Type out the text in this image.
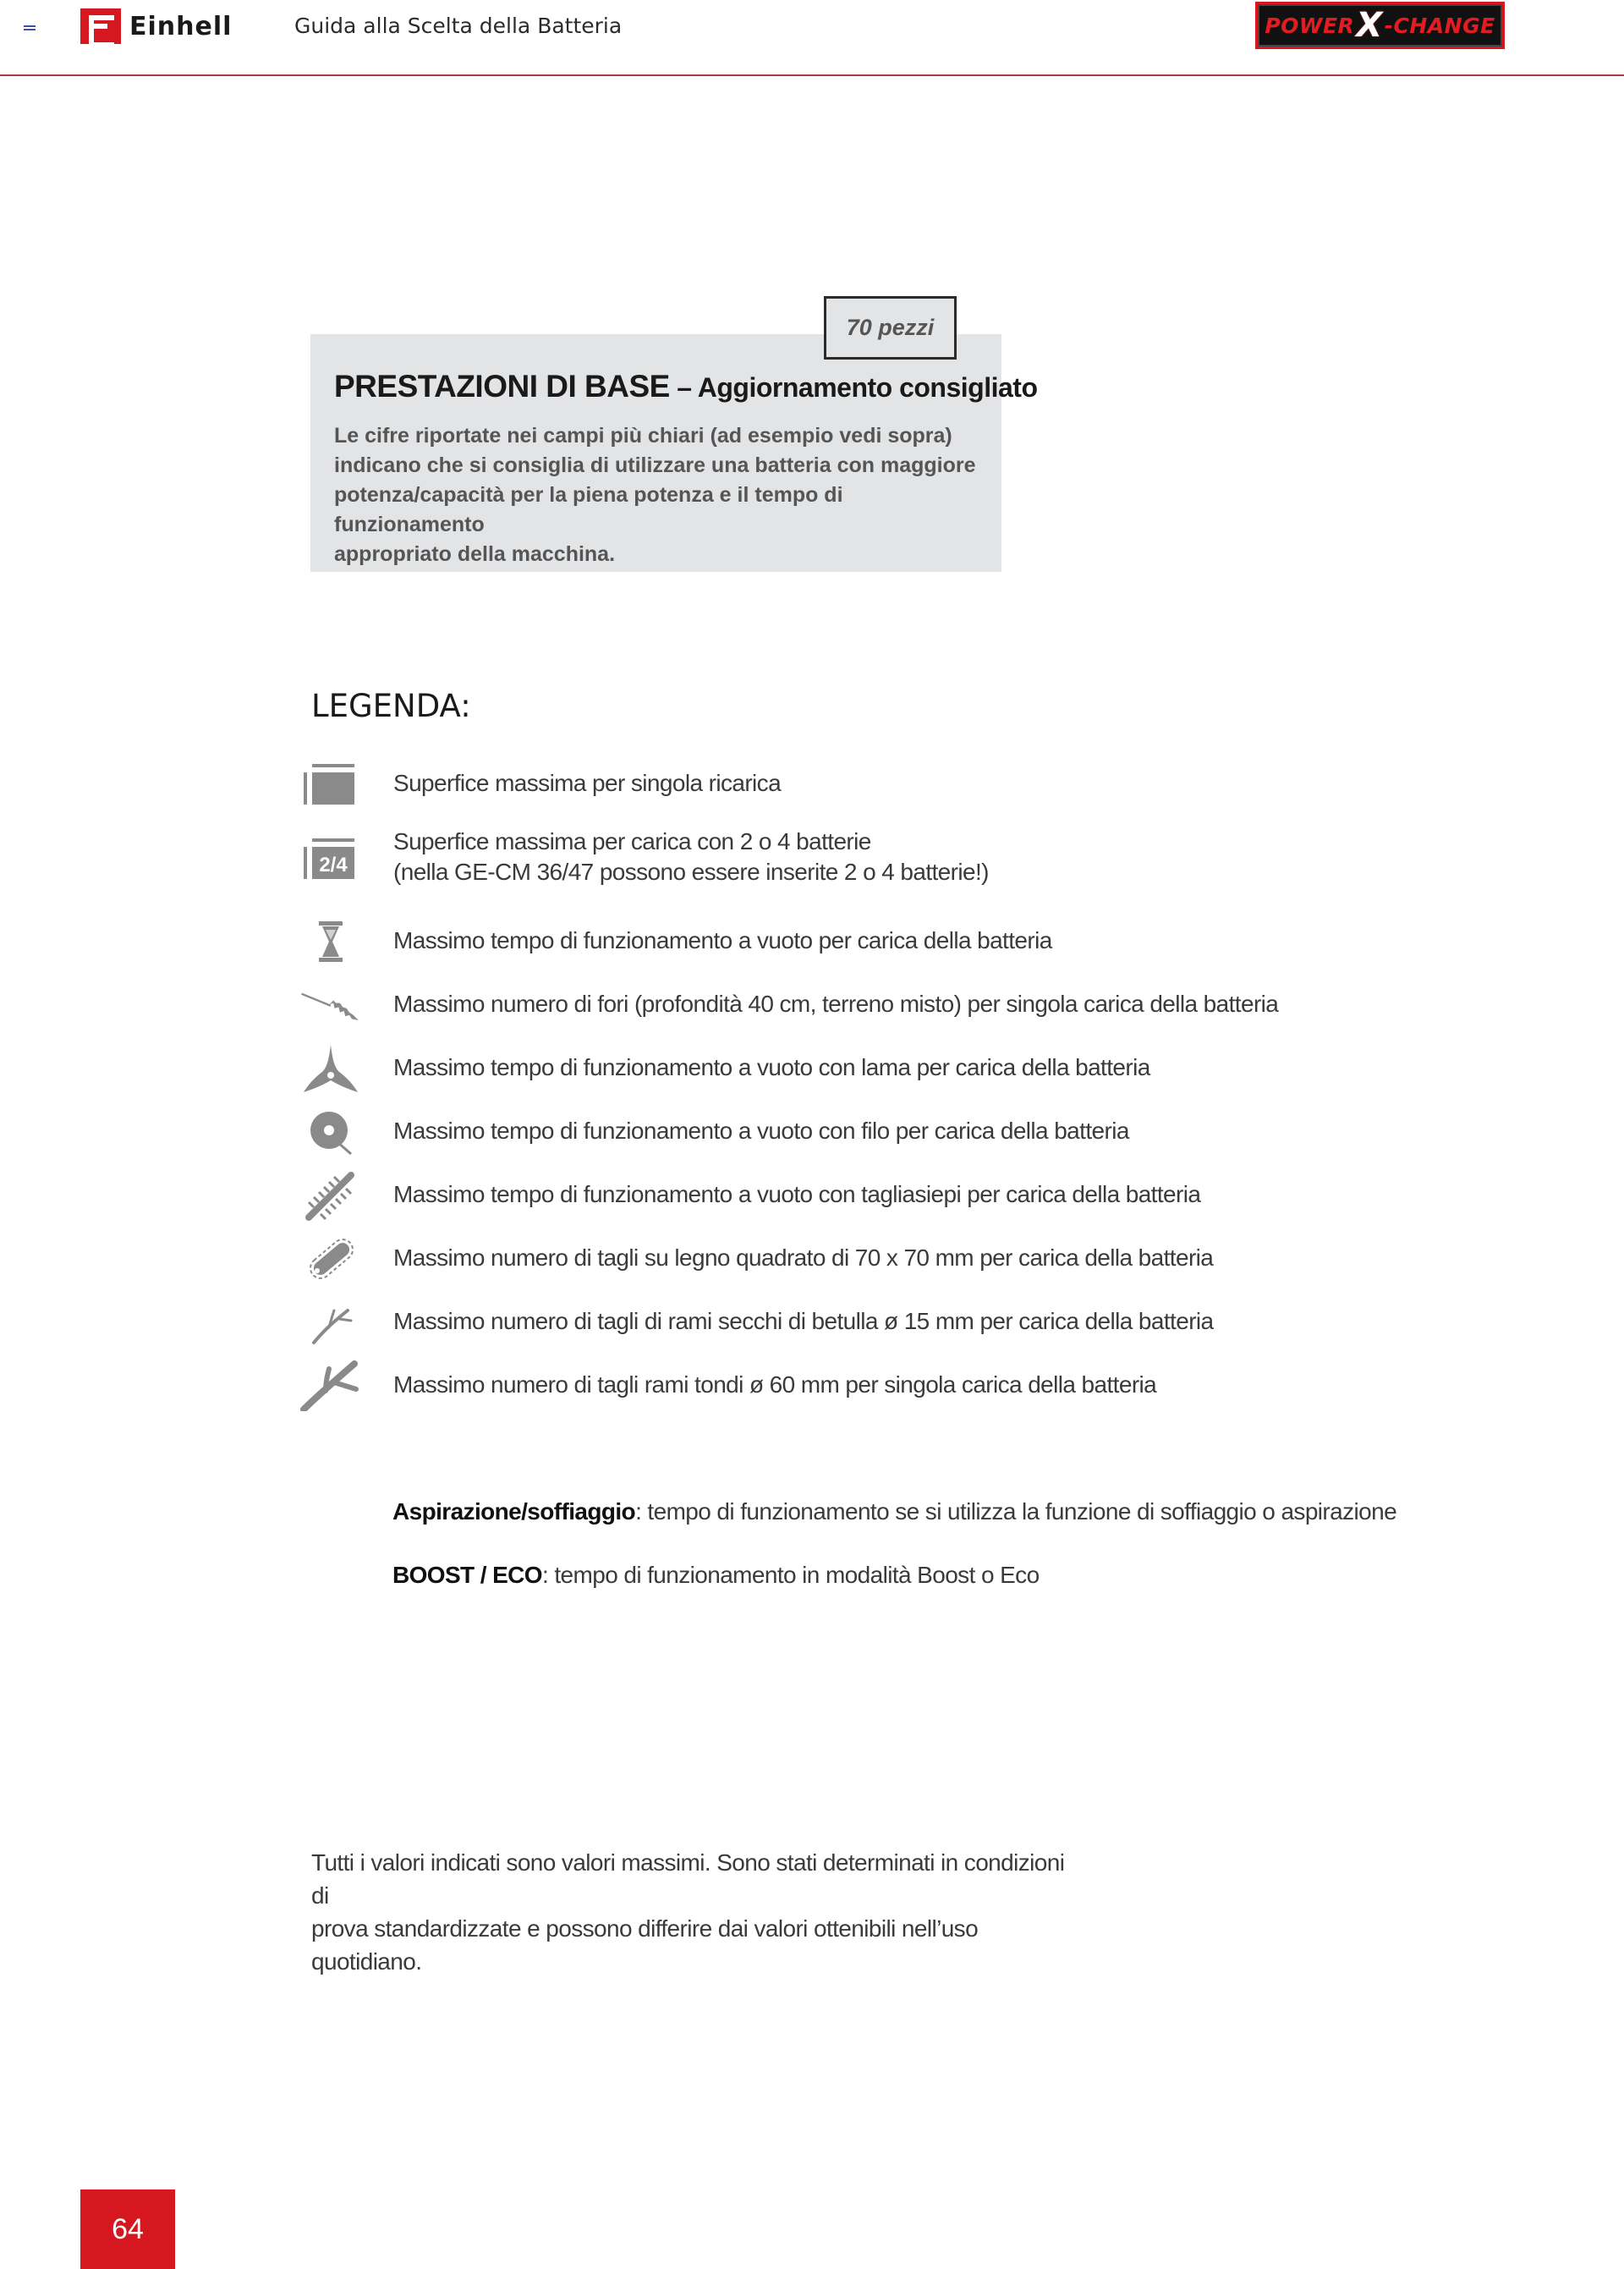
Einhell	Guida alla Scelta della Batteria	POWER X -CHANGE
70 pezzi
PRESTAZIONI DI BASE – Aggiornamento consigliato
Le cifre riportate nei campi più chiari (ad esempio vedi sopra)
indicano che si consiglia di utilizzare una batteria con maggiore
potenza/capacità per la piena potenza e il tempo di funzionamento
appropriato della macchina.
LEGENDA:
Superfice massima per singola ricarica
2/4
Superfice massima per carica con 2 o 4 batterie
(nella GE-CM 36/47 possono essere inserite 2 o 4 batterie!)
Massimo tempo di funzionamento a vuoto per carica della batteria
Massimo numero di fori (profondità 40 cm, terreno misto) per singola carica della batteria
Massimo tempo di funzionamento a vuoto con lama per carica della batteria
Massimo tempo di funzionamento a vuoto con filo per carica della batteria
Massimo tempo di funzionamento a vuoto con tagliasiepi per carica della batteria
Massimo numero di tagli su legno quadrato di 70 x 70 mm per carica della batteria
Massimo numero di tagli di rami secchi di betulla ø 15 mm per carica della batteria
Massimo numero di tagli rami tondi ø 60 mm per singola carica della batteria
Aspirazione/soffiaggio: tempo di funzionamento se si utilizza la funzione di soffiaggio o aspirazione
BOOST / ECO: tempo di funzionamento in modalità Boost o Eco
Tutti i valori indicati sono valori massimi. Sono stati determinati in condizioni di
prova standardizzate e possono differire dai valori ottenibili nell’uso quotidiano.
64
